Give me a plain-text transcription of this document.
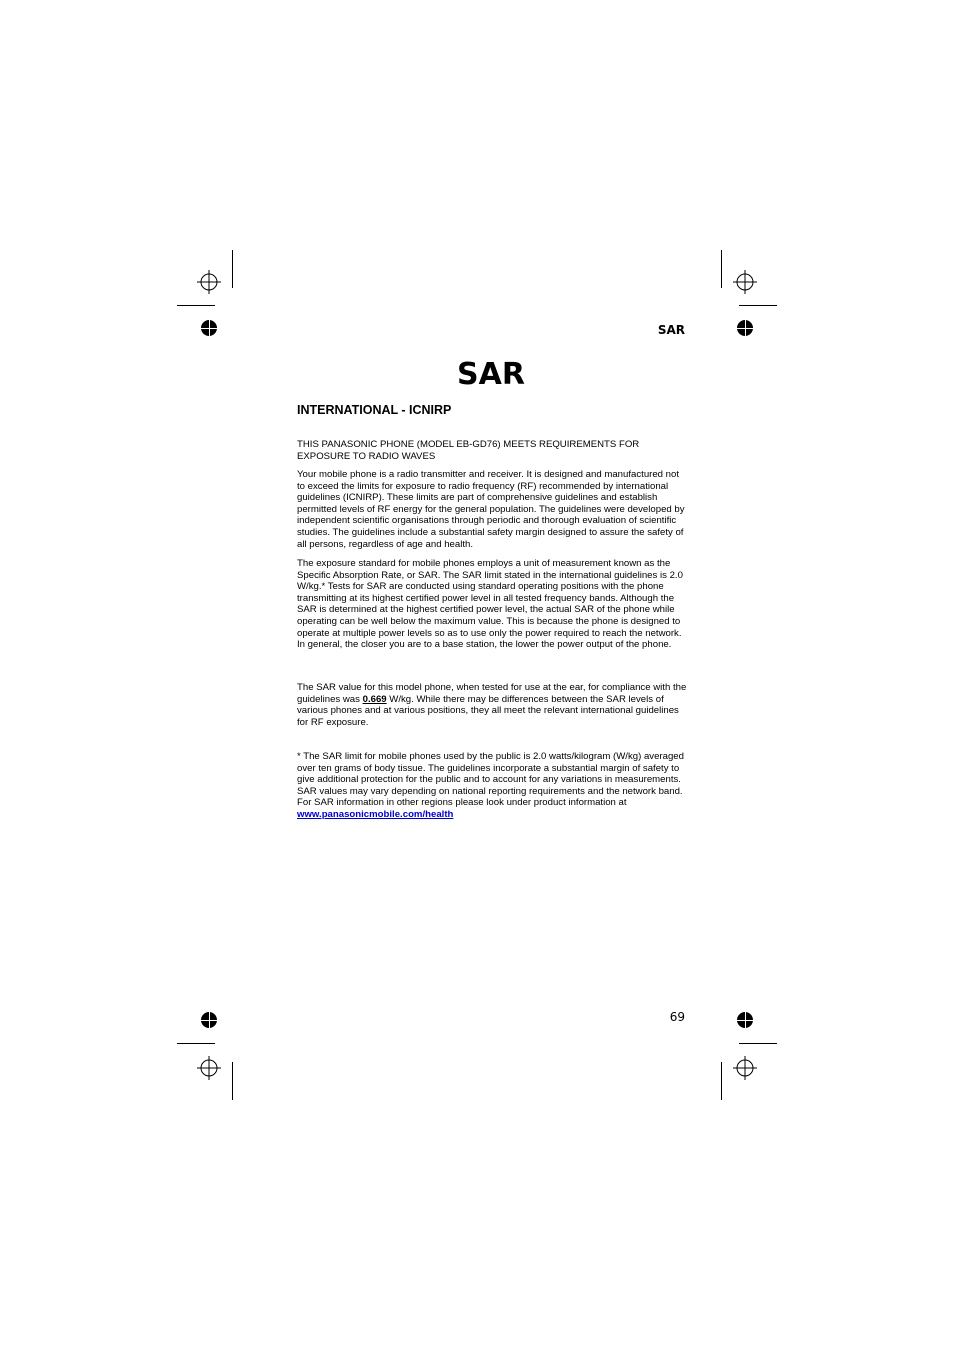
SAR
SAR
INTERNATIONAL - ICNIRP

THIS PANASONIC PHONE (MODEL EB-GD76) MEETS REQUIREMENTS FOR EXPOSURE TO RADIO WAVES

Your mobile phone is a radio transmitter and receiver. It is designed and manufactured not to exceed the limits for exposure to radio frequency (RF) recommended by international guidelines (ICNIRP). These limits are part of comprehensive guidelines and establish permitted levels of RF energy for the general population. The guidelines were developed by independent scientific organisations through periodic and thorough evaluation of scientific studies. The guidelines include a substantial safety margin designed to assure the safety of all persons, regardless of age and health.

The exposure standard for mobile phones employs a unit of measurement known as the Specific Absorption Rate, or SAR. The SAR limit stated in the international guidelines is 2.0 W/kg.* Tests for SAR are conducted using standard operating positions with the phone transmitting at its highest certified power level in all tested frequency bands. Although the SAR is determined at the highest certified power level, the actual SAR of the phone while operating can be well below the maximum value. This is because the phone is designed to operate at multiple power levels so as to use only the power required to reach the network. In general, the closer you are to a base station, the lower the power output of the phone.

The SAR value for this model phone, when tested for use at the ear, for compliance with the guidelines was 0.669 W/kg. While there may be differences between the SAR levels of various phones and at various positions, they all meet the relevant international guidelines for RF exposure.

* The SAR limit for mobile phones used by the public is 2.0 watts/kilogram (W/kg) averaged over ten grams of body tissue. The guidelines incorporate a substantial margin of safety to give additional protection for the public and to account for any variations in measurements. SAR values may vary depending on national reporting requirements and the network band. For SAR information in other regions please look under product information at www.panasonicmobile.com/health

69
